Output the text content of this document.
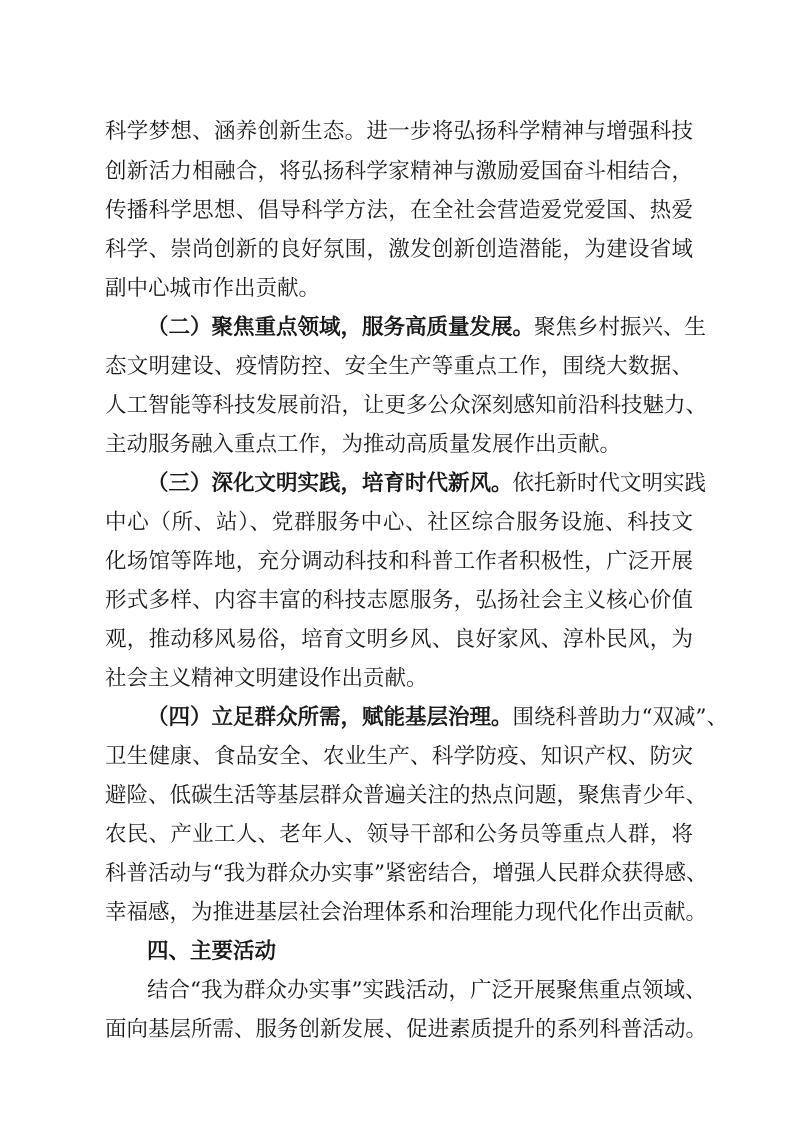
科学梦想、涵养创新生态。进一步将弘扬科学精神与增强科技
创新活力相融合，将弘扬科学家精神与激励爱国奋斗相结合，
传播科学思想、倡导科学方法，在全社会营造爱党爱国、热爱
科学、崇尚创新的良好氛围，激发创新创造潜能，为建设省域
副中心城市作出贡献。
（二）聚焦重点领域，服务高质量发展。聚焦乡村振兴、生
态文明建设、疫情防控、安全生产等重点工作，围绕大数据、
人工智能等科技发展前沿，让更多公众深刻感知前沿科技魅力、
主动服务融入重点工作，为推动高质量发展作出贡献。
（三）深化文明实践，培育时代新风。依托新时代文明实践
中心（所、站）、党群服务中心、社区综合服务设施、科技文
化场馆等阵地，充分调动科技和科普工作者积极性，广泛开展
形式多样、内容丰富的科技志愿服务，弘扬社会主义核心价值
观，推动移风易俗，培育文明乡风、良好家风、淳朴民风，为
社会主义精神文明建设作出贡献。
（四）立足群众所需，赋能基层治理。围绕科普助力“双减”、
卫生健康、食品安全、农业生产、科学防疫、知识产权、防灾
避险、低碳生活等基层群众普遍关注的热点问题，聚焦青少年、
农民、产业工人、老年人、领导干部和公务员等重点人群，将
科普活动与“我为群众办实事”紧密结合，增强人民群众获得感、
幸福感，为推进基层社会治理体系和治理能力现代化作出贡献。
四、主要活动
结合“我为群众办实事”实践活动，广泛开展聚焦重点领域、
面向基层所需、服务创新发展、促进素质提升的系列科普活动。
